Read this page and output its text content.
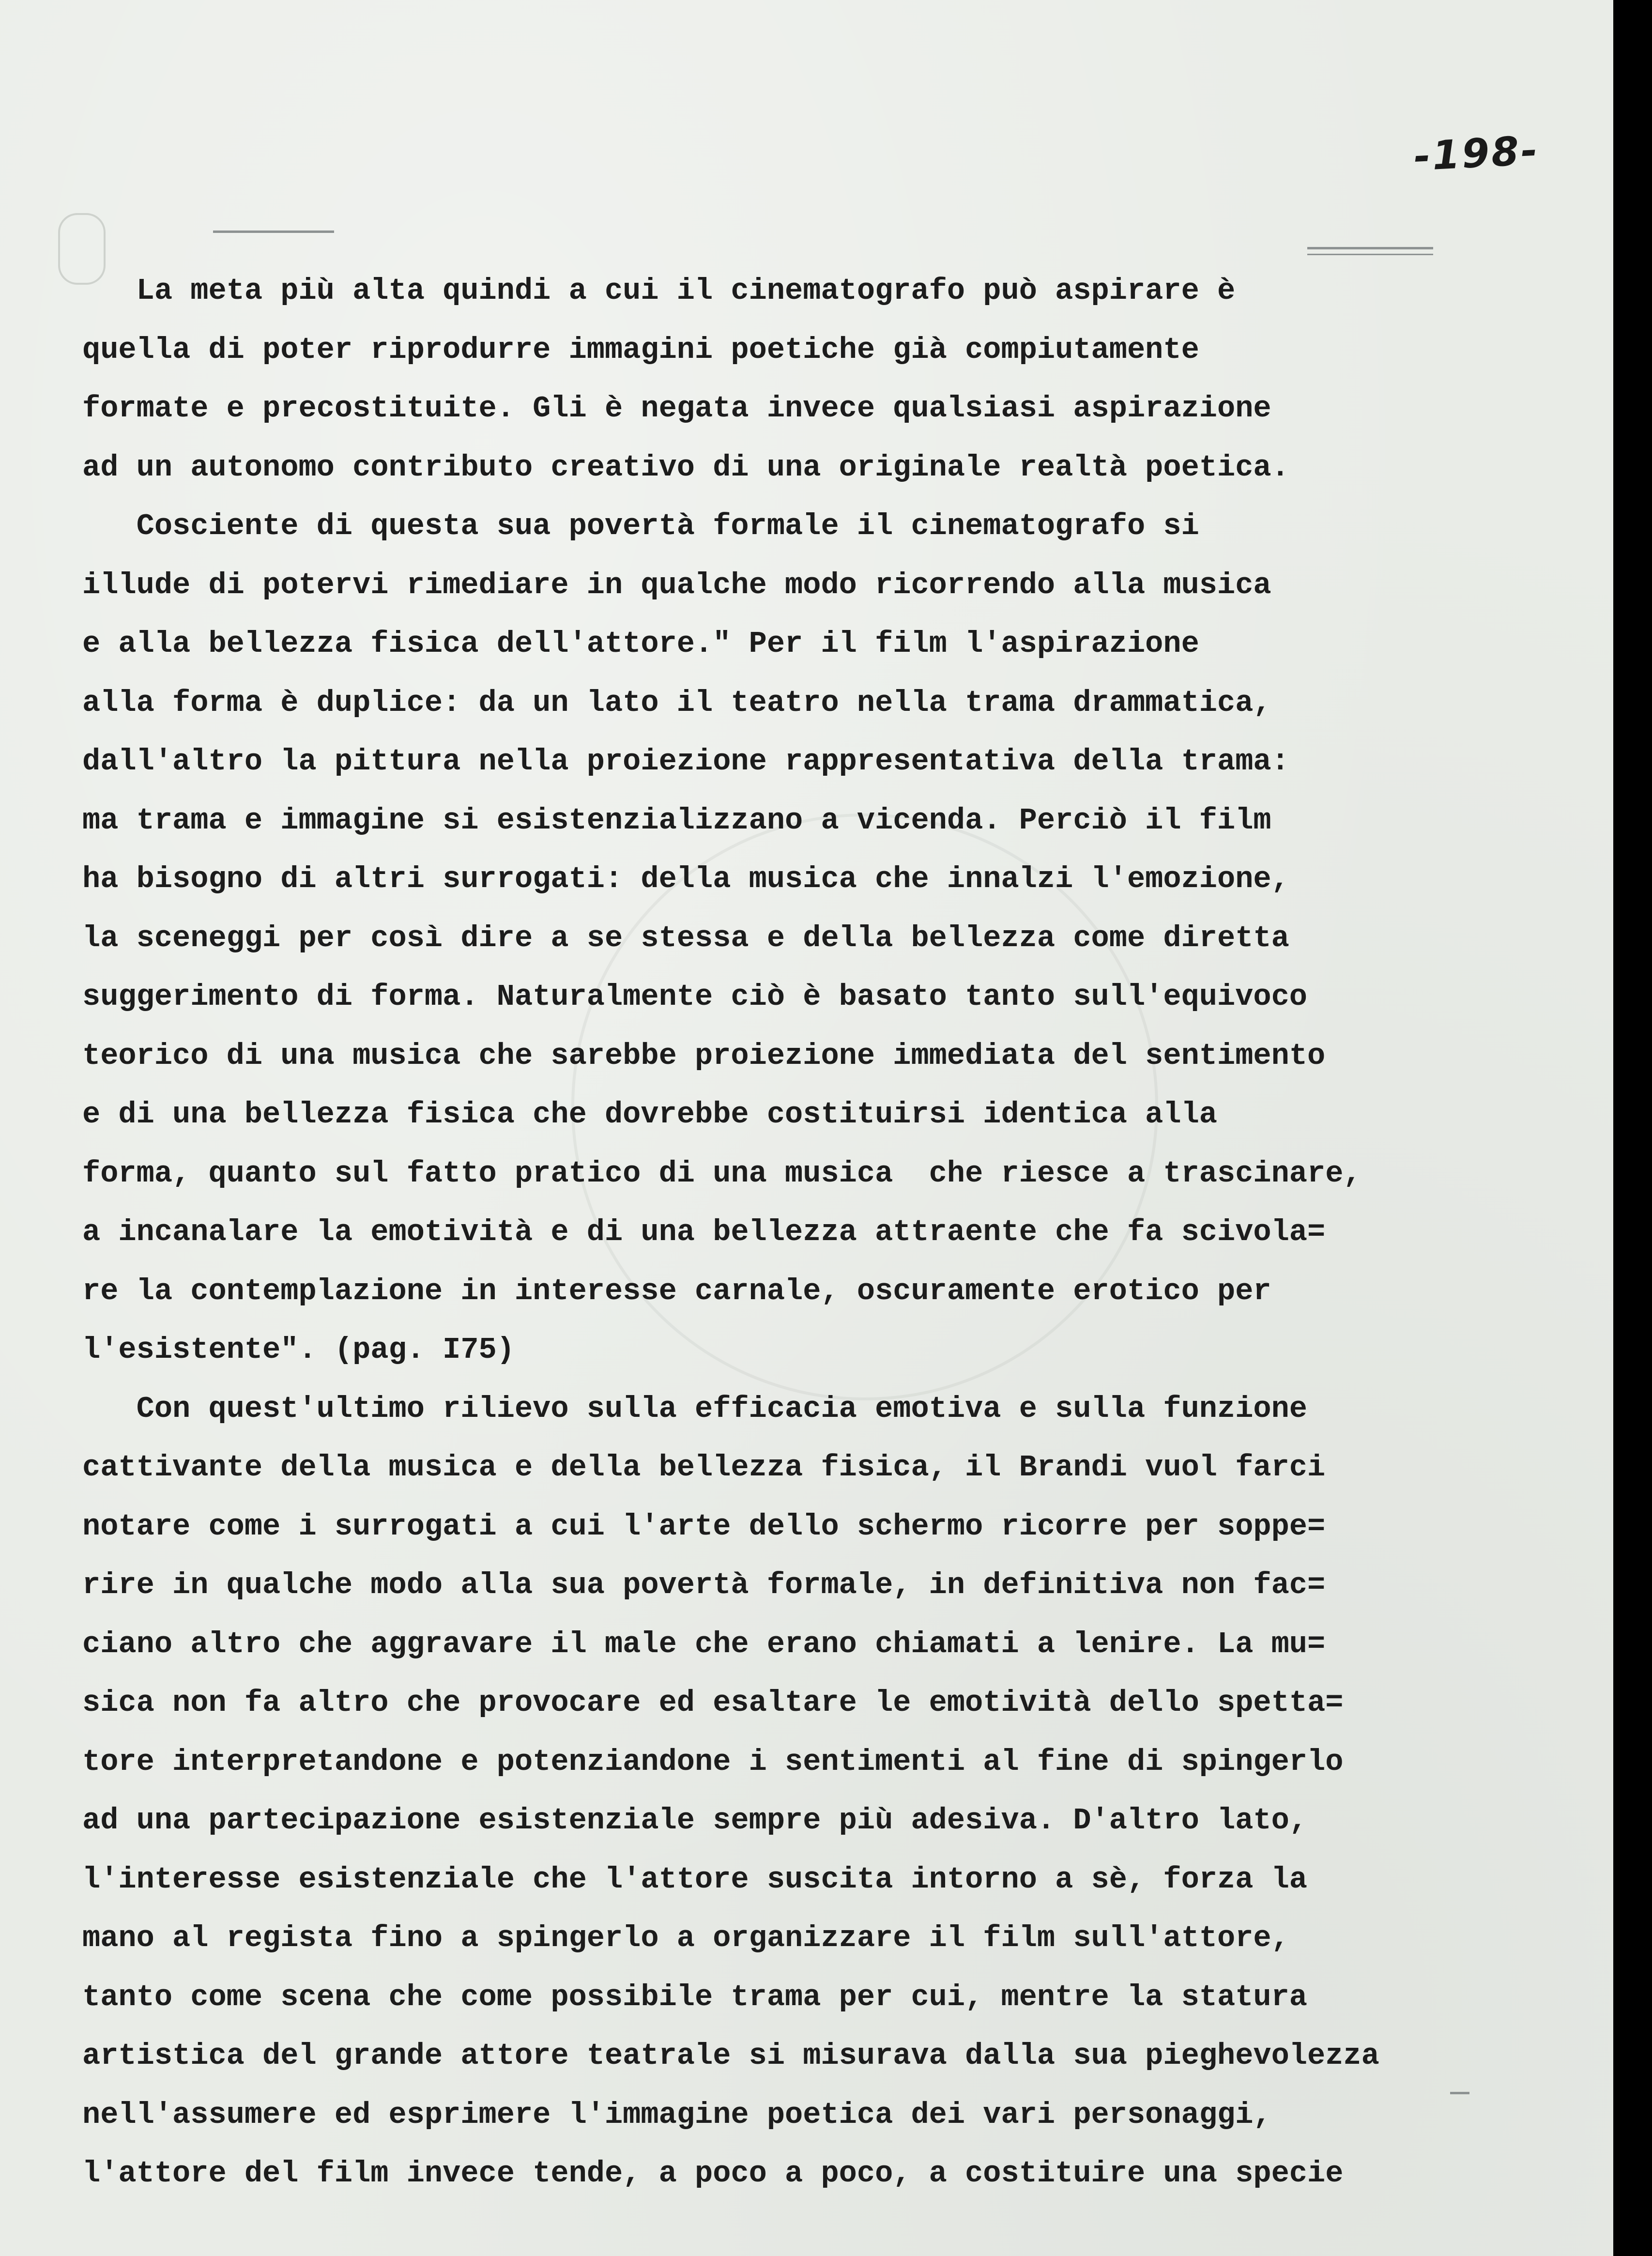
-198-
La meta più alta quindi a cui il cinematografo può aspirare è
quella di poter riprodurre immagini poetiche già compiutamente
formate e precostituite. Gli è negata invece qualsiasi aspirazione
ad un autonomo contributo creativo di una originale realtà poetica.
Cosciente di questa sua povertà formale il cinematografo si
illude di potervi rimediare in qualche modo ricorrendo alla musica
e alla bellezza fisica dell'attore." Per il film l'aspirazione
alla forma è duplice: da un lato il teatro nella trama drammatica,
dall'altro la pittura nella proiezione rappresentativa della trama:
ma trama e immagine si esistenzializzano a vicenda. Perciò il film
ha bisogno di altri surrogati: della musica che innalzi l'emozione,
la sceneggi per così dire a se stessa e della bellezza come diretta
suggerimento di forma. Naturalmente ciò è basato tanto sull'equivoco
teorico di una musica che sarebbe proiezione immediata del sentimento
e di una bellezza fisica che dovrebbe costituirsi identica alla
forma, quanto sul fatto pratico di una musica  che riesce a trascinare,
a incanalare la emotività e di una bellezza attraente che fa scivola=
re la contemplazione in interesse carnale, oscuramente erotico per
l'esistente". (pag. I75)
Con quest'ultimo rilievo sulla efficacia emotiva e sulla funzione
cattivante della musica e della bellezza fisica, il Brandi vuol farci
notare come i surrogati a cui l'arte dello schermo ricorre per soppe=
rire in qualche modo alla sua povertà formale, in definitiva non fac=
ciano altro che aggravare il male che erano chiamati a lenire. La mu=
sica non fa altro che provocare ed esaltare le emotività dello spetta=
tore interpretandone e potenziandone i sentimenti al fine di spingerlo
ad una partecipazione esistenziale sempre più adesiva. D'altro lato,
l'interesse esistenziale che l'attore suscita intorno a sè, forza la
mano al regista fino a spingerlo a organizzare il film sull'attore,
tanto come scena che come possibile trama per cui, mentre la statura
artistica del grande attore teatrale si misurava dalla sua pieghevolezza
nell'assumere ed esprimere l'immagine poetica dei vari personaggi,
l'attore del film invece tende, a poco a poco, a costituire una specie
